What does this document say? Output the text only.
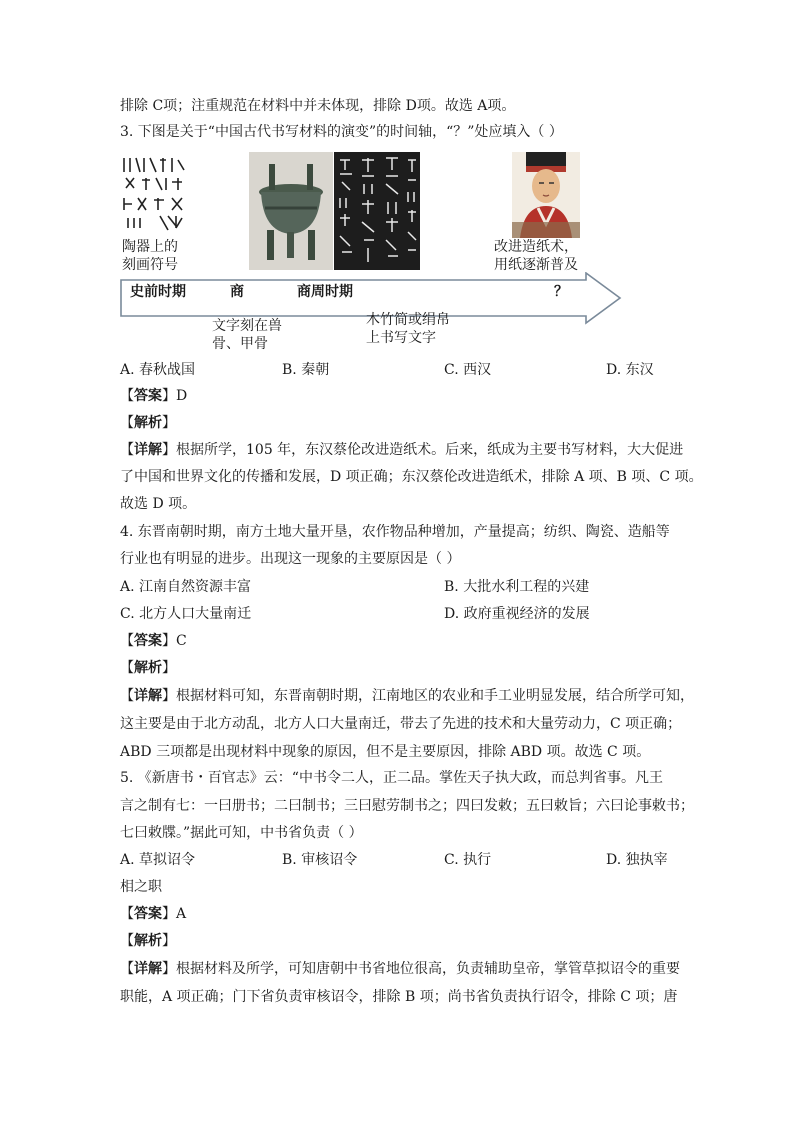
排除 C项；注重规范在材料中并未体现，排除 D项。故选 A项。
3. 下图是关于“中国古代书写材料的演变”的时间轴，“？”处应填入（ ）
陶器上的
刻画符号
改进造纸术，
用纸逐渐普及
史前时期	商	商周时期	？
文字刻在兽
骨、甲骨
木竹简或绢帛
上书写文字
A. 春秋战国	B. 秦朝	C. 西汉	D. 东汉
【答案】D
【解析】
【详解】根据所学，105 年，东汉蔡伦改进造纸术。后来，纸成为主要书写材料，大大促进
了中国和世界文化的传播和发展，D 项正确；东汉蔡伦改进造纸术，排除 A 项、B 项、C 项。
故选 D 项。
4. 东晋南朝时期，南方土地大量开垦，农作物品种增加，产量提高；纺织、陶瓷、造船等
行业也有明显的进步。出现这一现象的主要原因是（ ）
A. 江南自然资源丰富	B. 大批水利工程的兴建
C. 北方人口大量南迁	D. 政府重视经济的发展
【答案】C
【解析】
【详解】根据材料可知，东晋南朝时期，江南地区的农业和手工业明显发展，结合所学可知，
这主要是由于北方动乱，北方人口大量南迁，带去了先进的技术和大量劳动力，C 项正确；
ABD 三项都是出现材料中现象的原因，但不是主要原因，排除 ABD 项。故选 C 项。
5. 《新唐书・百官志》云：“中书令二人，正二品。掌佐天子执大政，而总判省事。凡王
言之制有七：一曰册书；二曰制书；三曰慰劳制书之；四曰发敕；五曰敕旨；六曰论事敕书；
七曰敕牒。”据此可知，中书省负责（ ）
A. 草拟诏令	B. 审核诏令	C. 执行	D. 独执宰
相之职
【答案】A
【解析】
【详解】根据材料及所学，可知唐朝中书省地位很高，负责辅助皇帝，掌管草拟诏令的重要
职能，A 项正确；门下省负责审核诏令，排除 B 项；尚书省负责执行诏令，排除 C 项；唐
